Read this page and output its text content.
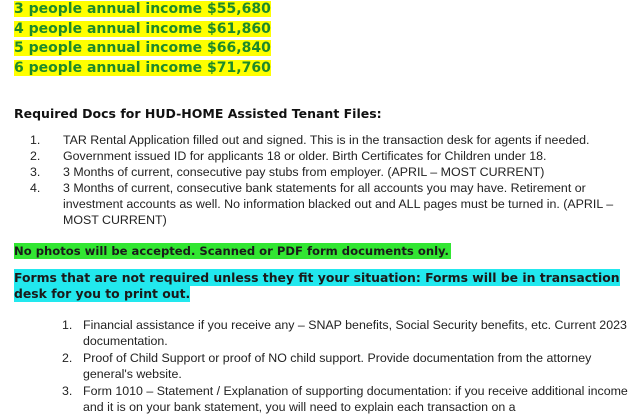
3 people annual income $55,680
4 people annual income $61,860
5 people annual income $66,840
6 people annual income $71,760
Required Docs for HUD-HOME Assisted Tenant Files:
1. TAR Rental Application filled out and signed. This is in the transaction desk for agents if needed.
2. Government issued ID for applicants 18 or older. Birth Certificates for Children under 18.
3. 3 Months of current, consecutive pay stubs from employer. (APRIL – MOST CURRENT)
4. 3 Months of current, consecutive bank statements for all accounts you may have. Retirement or investment accounts as well. No information blacked out and ALL pages must be turned in. (APRIL – MOST CURRENT)
No photos will be accepted. Scanned or PDF form documents only.
Forms that are not required unless they fit your situation: Forms will be in transaction desk for you to print out.
1. Financial assistance if you receive any – SNAP benefits, Social Security benefits, etc. Current 2023 documentation.
2. Proof of Child Support or proof of NO child support. Provide documentation from the attorney general's website.
3. Form 1010 – Statement / Explanation of supporting documentation: if you receive additional income and it is on your bank statement, you will need to explain each transaction on a
